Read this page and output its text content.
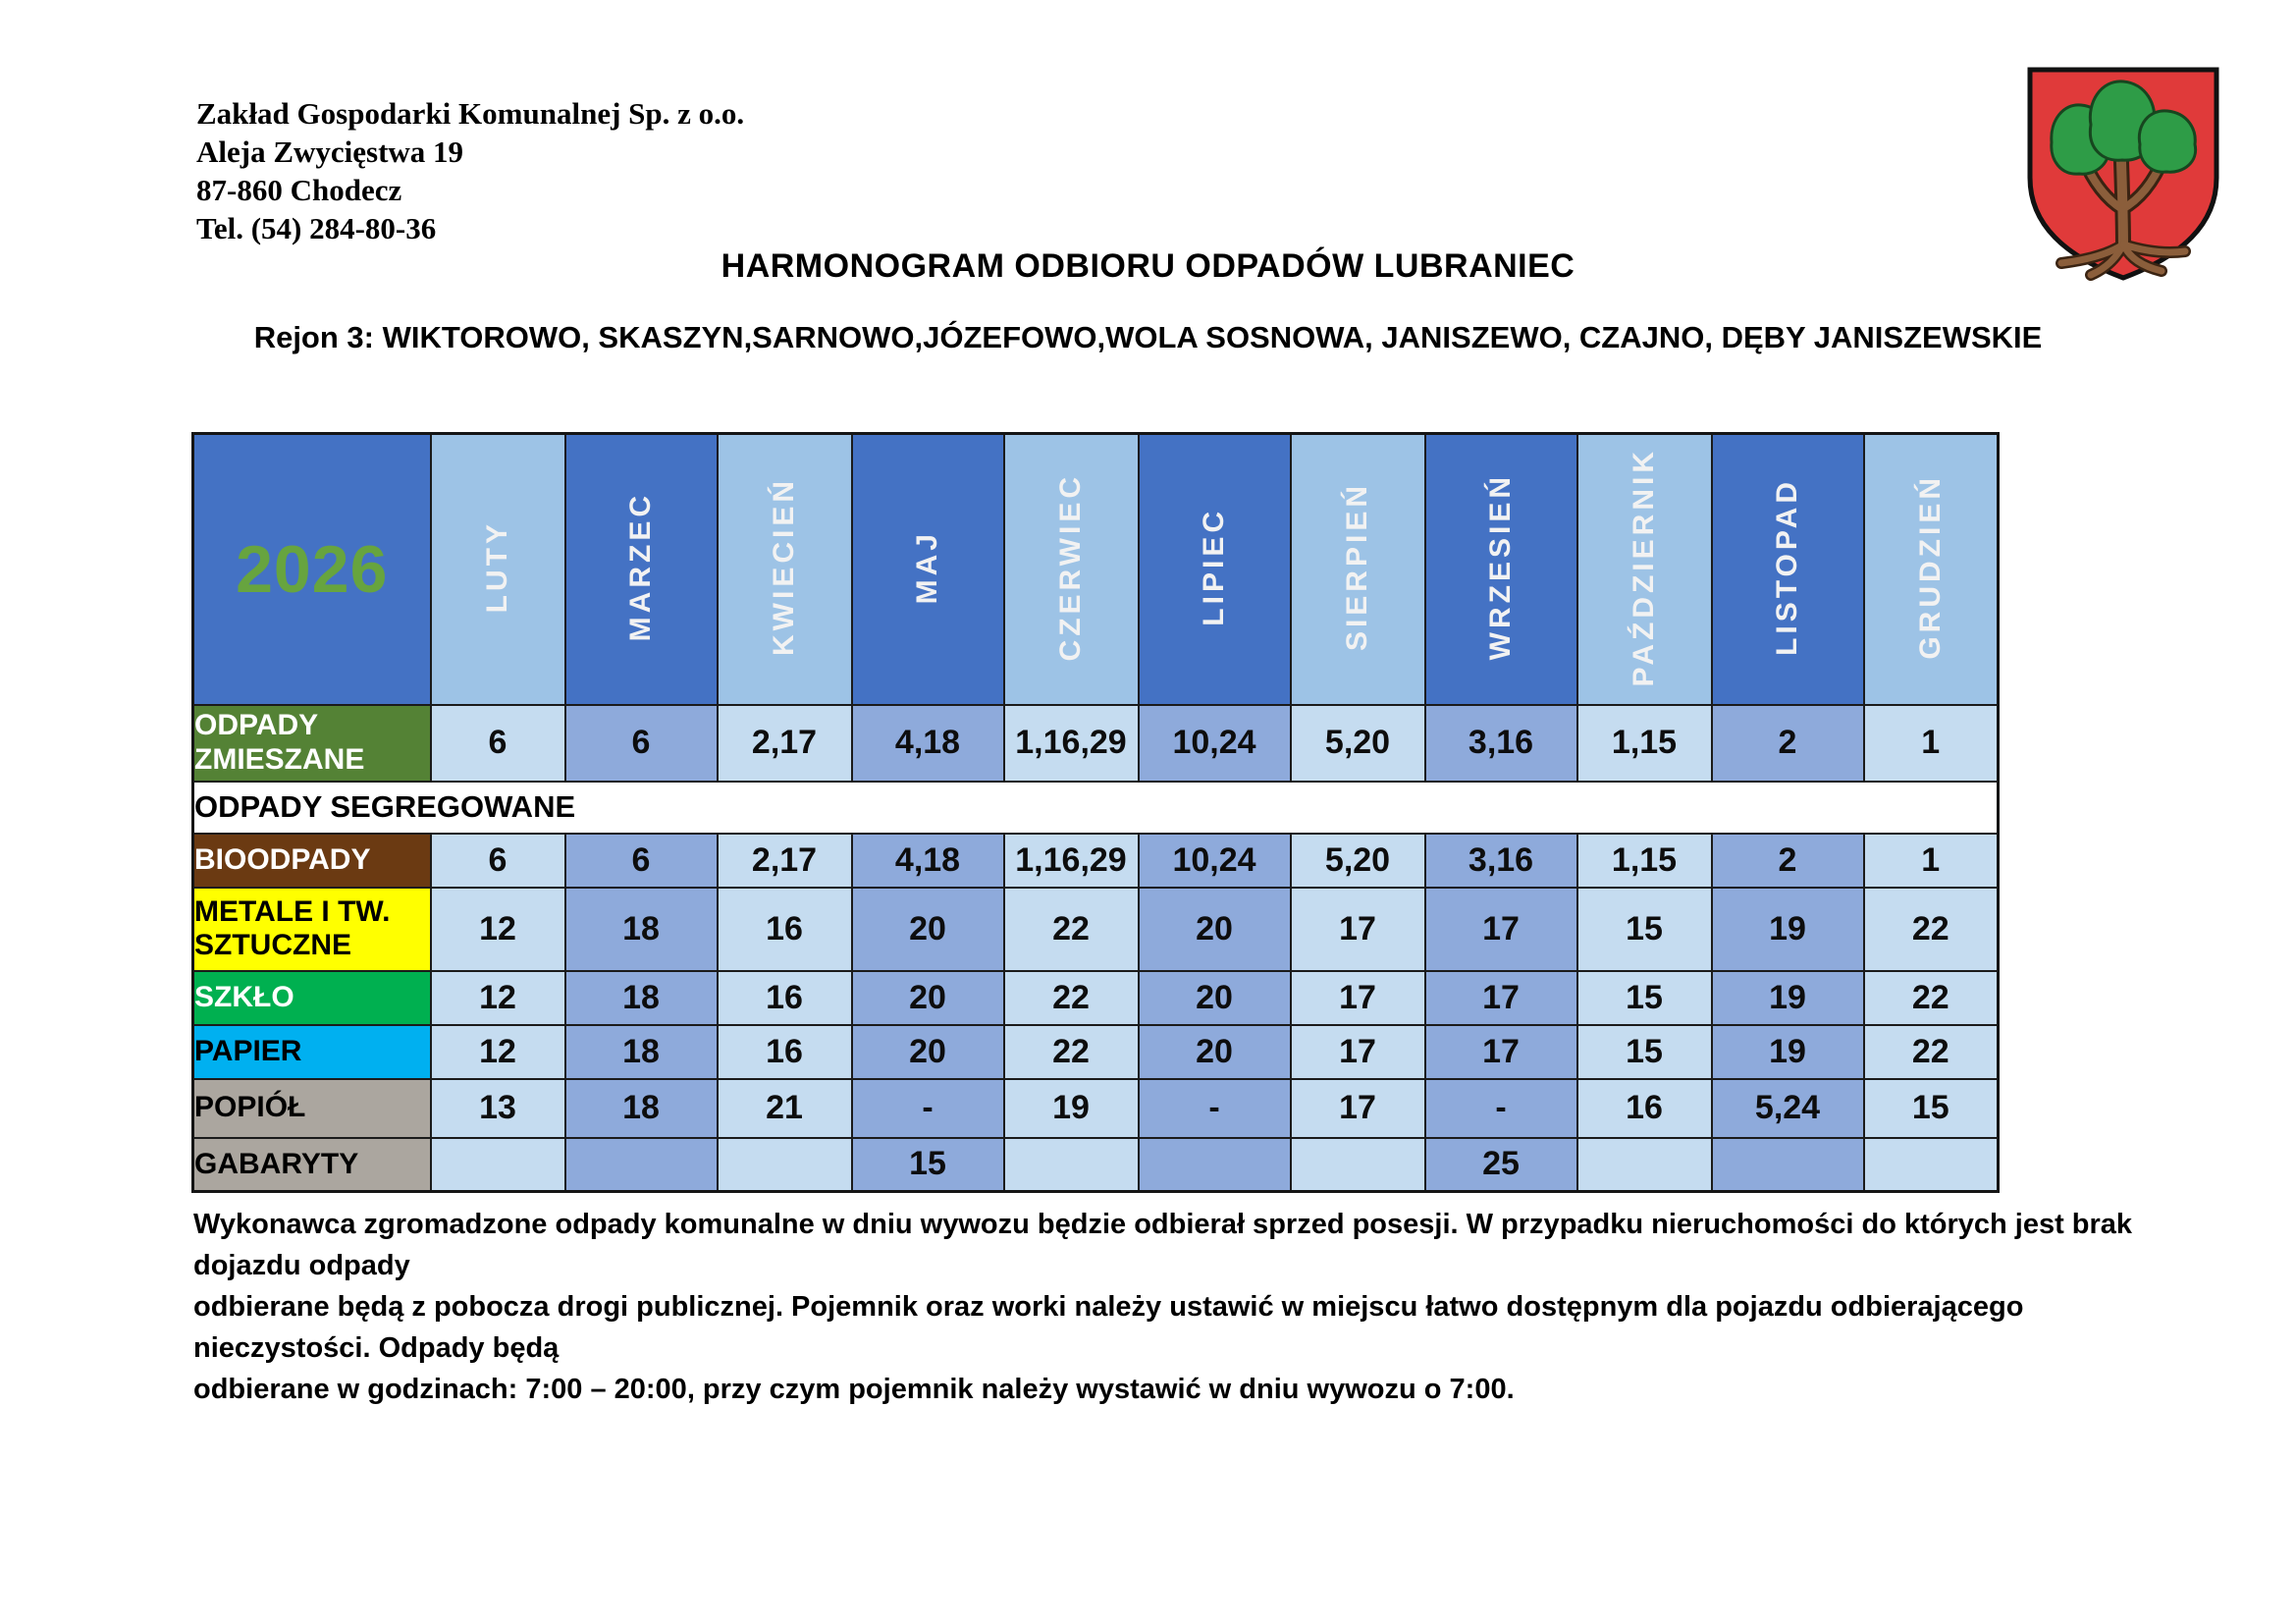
Zakład Gospodarki Komunalnej Sp. z o.o.
Aleja Zwycięstwa 19
87-860 Chodecz
Tel. (54) 284-80-36
HARMONOGRAM ODBIORU ODPADÓW LUBRANIEC
Rejon 3: WIKTOROWO, SKASZYN,SARNOWO,JÓZEFOWO,WOLA SOSNOWA, JANISZEWO, CZAJNO, DĘBY JANISZEWSKIE
2026	LUTY	MARZEC	KWIECIEŃ	MAJ	CZERWIEC	LIPIEC	SIERPIEŃ	WRZESIEŃ	PAŹDZIERNIK	LISTOPAD	GRUDZIEŃ
ODPADY ZMIESZANE	6	6	2,17	4,18	1,16,29	10,24	5,20	3,16	1,15	2	1
ODPADY SEGREGOWANE											
BIOODPADY	6	6	2,17	4,18	1,16,29	10,24	5,20	3,16	1,15	2	1
METALE I TW. SZTUCZNE	12	18	16	20	22	20	17	17	15	19	22
SZKŁO	12	18	16	20	22	20	17	17	15	19	22
PAPIER	12	18	16	20	22	20	17	17	15	19	22
POPIÓŁ	13	18	21	-	19	-	17	-	16	5,24	15
GABARYTY				15				25			
Wykonawca zgromadzone odpady komunalne w dniu wywozu będzie odbierał sprzed posesji. W przypadku nieruchomości do których jest brak dojazdu odpady
odbierane będą z pobocza drogi publicznej. Pojemnik oraz worki należy ustawić w miejscu łatwo dostępnym dla pojazdu odbierającego nieczystości. Odpady będą
odbierane w godzinach: 7:00 – 20:00, przy czym pojemnik należy wystawić w dniu wywozu o 7:00.
